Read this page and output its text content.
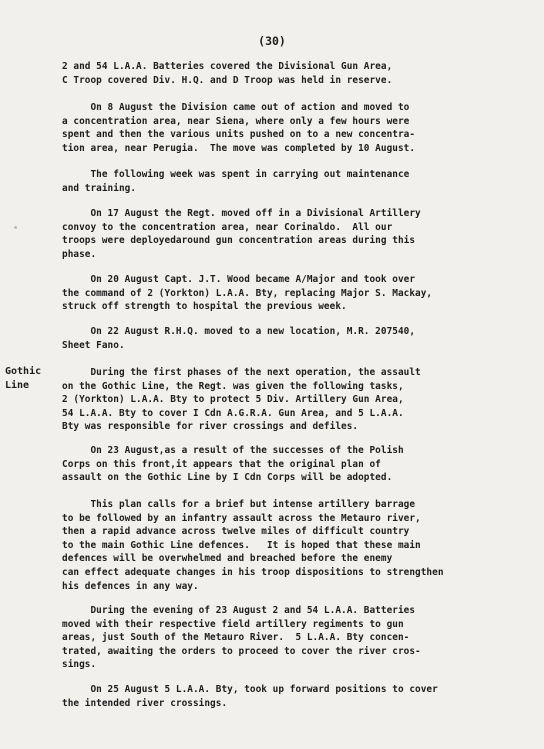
(30)
Gothic
Line

2 and 54 L.A.A. Batteries covered the Divisional Gun Area,
C Troop covered Div. H.Q. and D Troop was held in reserve.

On 8 August the Division came out of action and moved to
a concentration area, near Siena, where only a few hours were
spent and then the various units pushed on to a new concentra-
tion area, near Perugia.  The move was completed by 10 August.

The following week was spent in carrying out maintenance
and training.

On 17 August the Regt. moved off in a Divisional Artillery
convoy to the concentration area, near Corinaldo.  All our
troops were deployedaround gun concentration areas during this
phase.

On 20 August Capt. J.T. Wood became A/Major and took over
the command of 2 (Yorkton) L.A.A. Bty, replacing Major S. Mackay,
struck off strength to hospital the previous week.

On 22 August R.H.Q. moved to a new location, M.R. 207540,
Sheet Fano.

During the first phases of the next operation, the assault
on the Gothic Line, the Regt. was given the following tasks,
2 (Yorkton) L.A.A. Bty to protect 5 Div. Artillery Gun Area,
54 L.A.A. Bty to cover I Cdn A.G.R.A. Gun Area, and 5 L.A.A.
Bty was responsible for river crossings and defiles.

On 23 August,as a result of the successes of the Polish
Corps on this front,it appears that the original plan of
assault on the Gothic Line by I Cdn Corps will be adopted.

This plan calls for a brief but intense artillery barrage
to be followed by an infantry assault across the Metauro river,
then a rapid advance across twelve miles of difficult country
to the main Gothic Line defences.   It is hoped that these main
defences will be overwhelmed and breached before the enemy
can effect adequate changes in his troop dispositions to strengthen
his defences in any way.

During the evening of 23 August 2 and 54 L.A.A. Batteries
moved with their respective field artillery regiments to gun
areas, just South of the Metauro River.  5 L.A.A. Bty concen-
trated, awaiting the orders to proceed to cover the river cros-
sings.

On 25 August 5 L.A.A. Bty, took up forward positions to cover
the intended river crossings.
